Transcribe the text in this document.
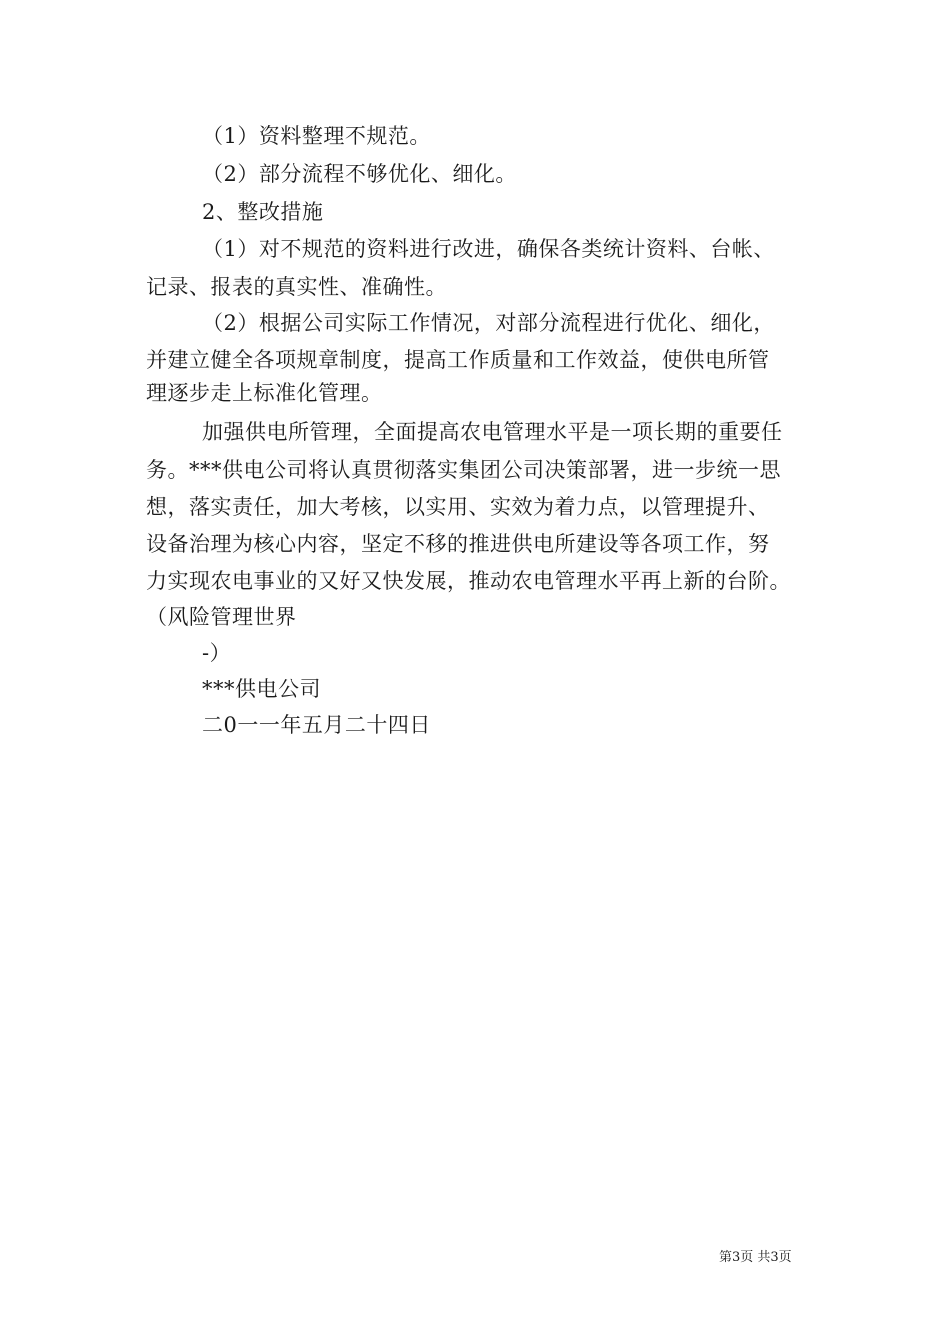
（1）资料整理不规范。
（2）部分流程不够优化、细化。
2、整改措施
（1）对不规范的资料进行改进，确保各类统计资料、台帐、
记录、报表的真实性、准确性。
（2）根据公司实际工作情况，对部分流程进行优化、细化，
并建立健全各项规章制度，提高工作质量和工作效益，使供电所管
理逐步走上标准化管理。
加强供电所管理，全面提高农电管理水平是一项长期的重要任
务。***供电公司将认真贯彻落实集团公司决策部署，进一步统一思
想，落实责任，加大考核，以实用、实效为着力点，以管理提升、
设备治理为核心内容，坚定不移的推进供电所建设等各项工作，努
力实现农电事业的又好又快发展，推动农电管理水平再上新的台阶。
（风险管理世界
-）
***供电公司
二0一一年五月二十四日
第3页 共3页
